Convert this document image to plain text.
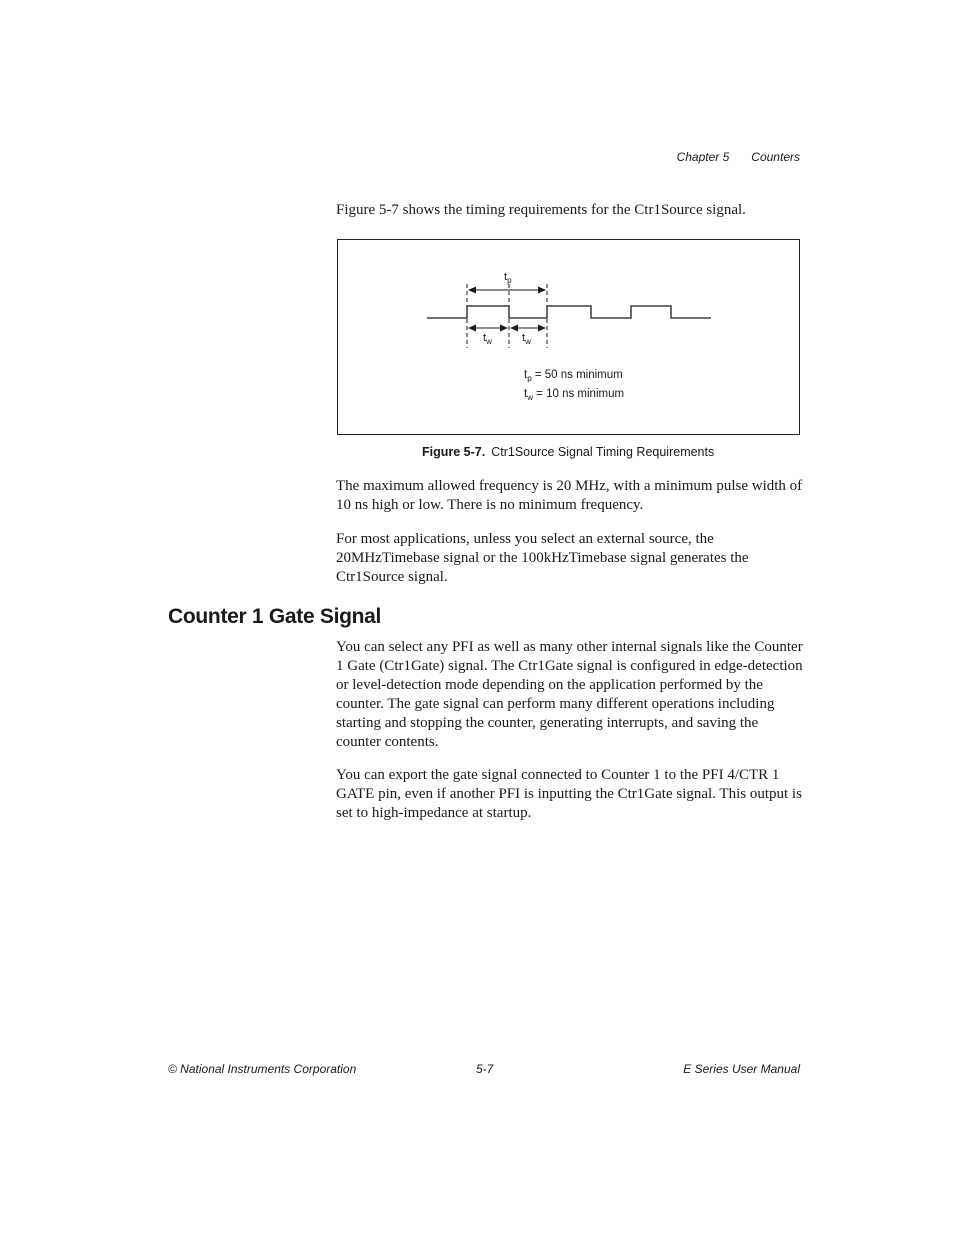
Chapter 5 Counters

Figure 5-7 shows the timing requirements for the Ctr1Source signal.

$t_p$
$t_w$	$t_w$
$t_p = 50$ ns minimum
$t_w = 10$ ns minimum
Figure 5-7. Ctr1Source Signal Timing Requirements

The maximum allowed frequency is 20 MHz, with a minimum pulse width of 10 ns high or low. There is no minimum frequency.

For most applications, unless you select an external source, the 20MHzTimebase signal or the 100kHzTimebase signal generates the Ctr1Source signal.

Counter 1 Gate Signal

You can select any PFI as well as many other internal signals like the Counter 1 Gate (Ctr1Gate) signal. The Ctr1Gate signal is configured in edge-detection or level-detection mode depending on the application performed by the counter. The gate signal can perform many different operations including starting and stopping the counter, generating interrupts, and saving the counter contents.

You can export the gate signal connected to Counter 1 to the PFI 4/CTR 1 GATE pin, even if another PFI is inputting the Ctr1Gate signal. This output is set to high-impedance at startup.

© National Instruments Corporation	5-7	E Series User Manual
